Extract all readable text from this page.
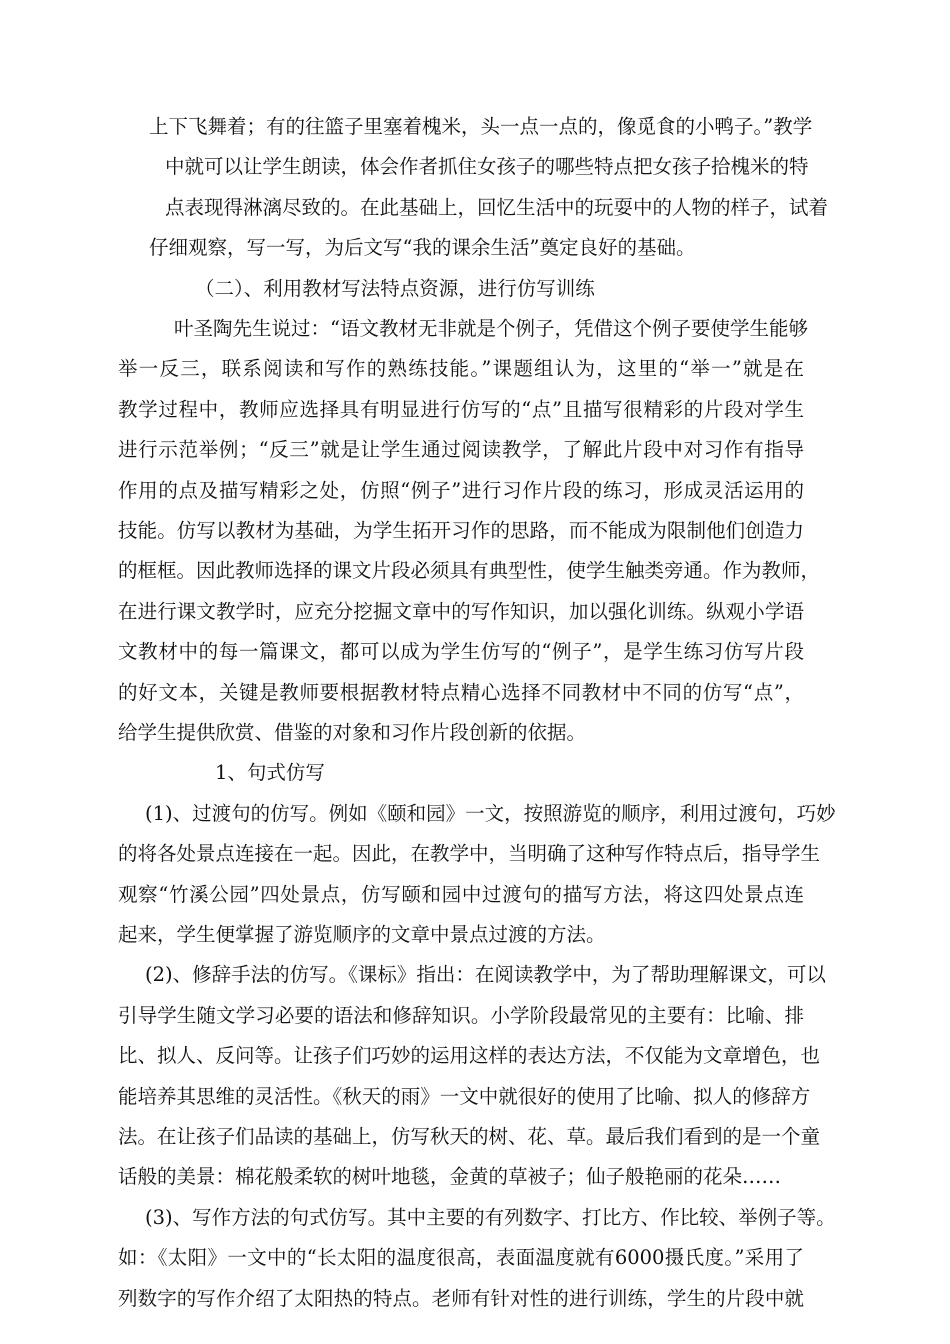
上下飞舞着；有的往篮子里塞着槐米，头一点一点的，像觅食的小鸭子。”教学
中就可以让学生朗读，体会作者抓住女孩子的哪些特点把女孩子拾槐米的特
点表现得淋漓尽致的。在此基础上，回忆生活中的玩耍中的人物的样子，试着
仔细观察，写一写，为后文写“我的课余生活”奠定良好的基础。
（二）、利用教材写法特点资源，进行仿写训练
叶圣陶先生说过：“语文教材无非就是个例子，凭借这个例子要使学生能够
举一反三，联系阅读和写作的熟练技能。”课题组认为，这里的“举一”就是在
教学过程中，教师应选择具有明显进行仿写的“点”且描写很精彩的片段对学生
进行示范举例；“反三”就是让学生通过阅读教学，了解此片段中对习作有指导
作用的点及描写精彩之处，仿照“例子”进行习作片段的练习，形成灵活运用的
技能。仿写以教材为基础，为学生拓开习作的思路，而不能成为限制他们创造力
的框框。因此教师选择的课文片段必须具有典型性，使学生触类旁通。作为教师，
在进行课文教学时，应充分挖掘文章中的写作知识，加以强化训练。纵观小学语
文教材中的每一篇课文，都可以成为学生仿写的“例子”，是学生练习仿写片段
的好文本，关键是教师要根据教材特点精心选择不同教材中不同的仿写“点”，
给学生提供欣赏、借鉴的对象和习作片段创新的依据。
1、句式仿写
(1)、过渡句的仿写。例如《颐和园》一文，按照游览的顺序，利用过渡句，巧妙
的将各处景点连接在一起。因此，在教学中，当明确了这种写作特点后，指导学生
观察“竹溪公园”四处景点，仿写颐和园中过渡句的描写方法，将这四处景点连
起来，学生便掌握了游览顺序的文章中景点过渡的方法。
(2)、修辞手法的仿写。《课标》指出：在阅读教学中，为了帮助理解课文，可以
引导学生随文学习必要的语法和修辞知识。小学阶段最常见的主要有：比喻、排
比、拟人、反问等。让孩子们巧妙的运用这样的表达方法，不仅能为文章增色，也
能培养其思维的灵活性。《秋天的雨》一文中就很好的使用了比喻、拟人的修辞方
法。在让孩子们品读的基础上，仿写秋天的树、花、草。最后我们看到的是一个童
话般的美景：棉花般柔软的树叶地毯，金黄的草被子；仙子般艳丽的花朵……
(3)、写作方法的句式仿写。其中主要的有列数字、打比方、作比较、举例子等。
如：《太阳》一文中的“长太阳的温度很高，表面温度就有6000摄氏度。”采用了
列数字的写作介绍了太阳热的特点。老师有针对性的进行训练，学生的片段中就
